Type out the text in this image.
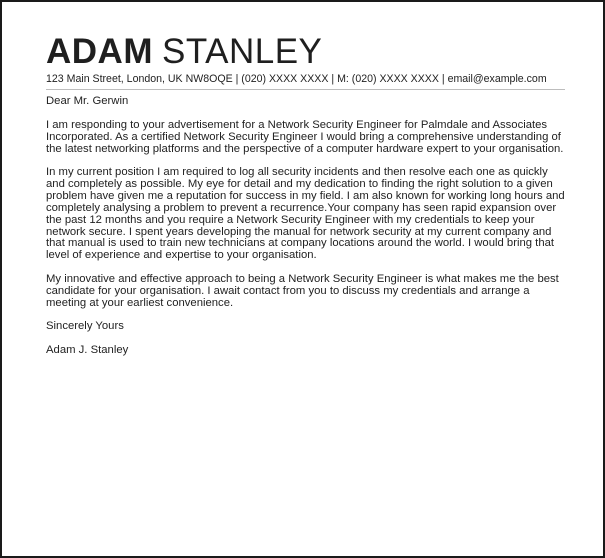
ADAM STANLEY
123 Main Street, London, UK NW8OQE | (020) XXXX XXXX | M: (020) XXXX XXXX | email@example.com

Dear Mr. Gerwin

I am responding to your advertisement for a Network Security Engineer for Palmdale and Associates Incorporated. As a certified Network Security Engineer I would bring a comprehensive understanding of the latest networking platforms and the perspective of a computer hardware expert to your organisation.

In my current position I am required to log all security incidents and then resolve each one as quickly and completely as possible. My eye for detail and my dedication to finding the right solution to a given problem have given me a reputation for success in my field. I am also known for working long hours and completely analysing a problem to prevent a recurrence.Your company has seen rapid expansion over the past 12 months and you require a Network Security Engineer with my credentials to keep your network secure. I spent years developing the manual for network security at my current company and that manual is used to train new technicians at company locations around the world. I would bring that level of experience and expertise to your organisation.

My innovative and effective approach to being a Network Security Engineer is what makes me the best candidate for your organisation. I await contact from you to discuss my credentials and arrange a meeting at your earliest convenience.

Sincerely Yours

Adam J. Stanley
